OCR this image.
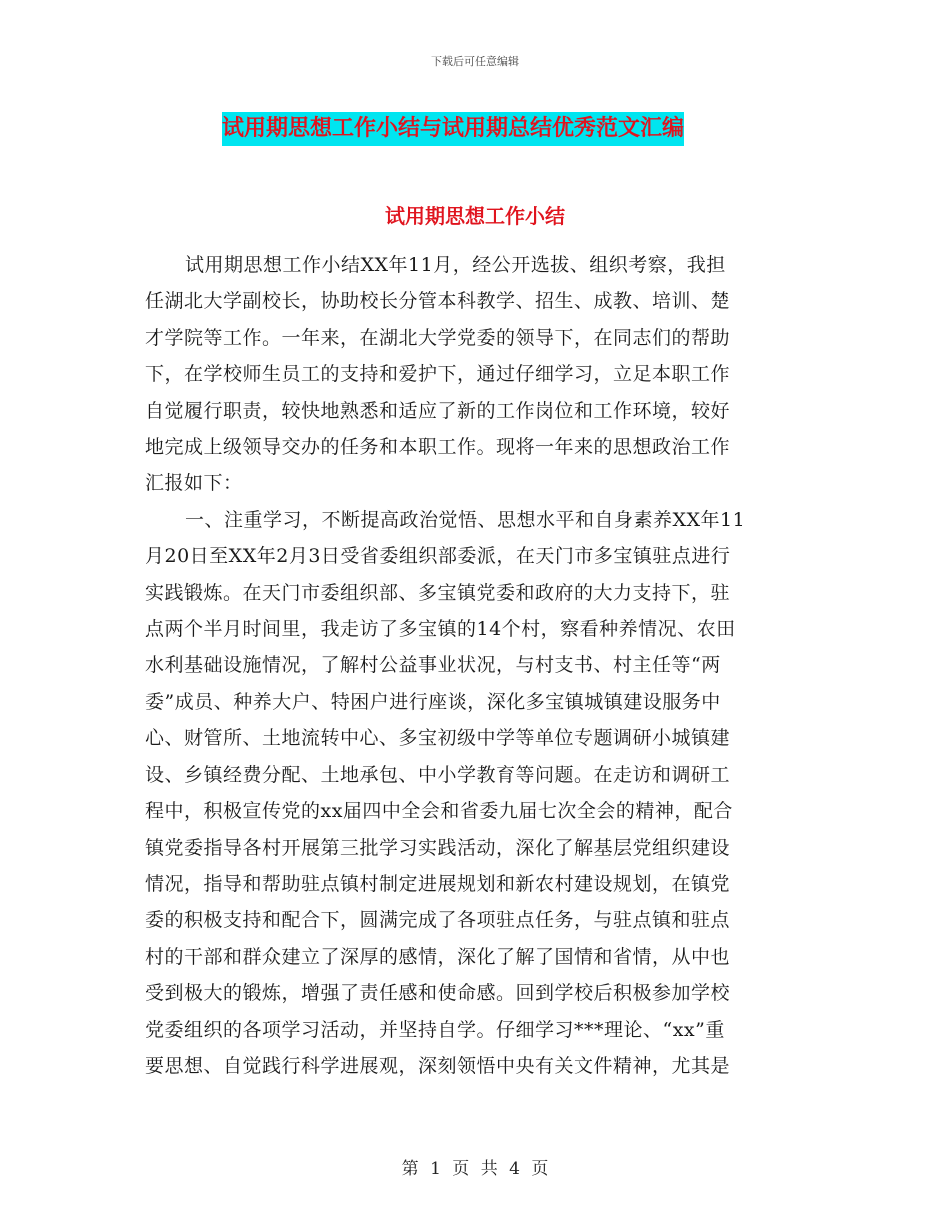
下载后可任意编辑
试用期思想工作小结与试用期总结优秀范文汇编
试用期思想工作小结
试用期思想工作小结XX年11月，经公开选拔、组织考察，我担
任湖北大学副校长，协助校长分管本科教学、招生、成教、培训、楚
才学院等工作。一年来，在湖北大学党委的领导下，在同志们的帮助
下，在学校师生员工的支持和爱护下，通过仔细学习，立足本职工作
自觉履行职责，较快地熟悉和适应了新的工作岗位和工作环境，较好
地完成上级领导交办的任务和本职工作。现将一年来的思想政治工作
汇报如下：
一、注重学习，不断提高政治觉悟、思想水平和自身素养XX年11
月20日至XX年2月3日受省委组织部委派，在天门市多宝镇驻点进行
实践锻炼。在天门市委组织部、多宝镇党委和政府的大力支持下，驻
点两个半月时间里，我走访了多宝镇的14个村，察看种养情况、农田
水利基础设施情况，了解村公益事业状况，与村支书、村主任等“两
委”成员、种养大户、特困户进行座谈，深化多宝镇城镇建设服务中
心、财管所、土地流转中心、多宝初级中学等单位专题调研小城镇建
设、乡镇经费分配、土地承包、中小学教育等问题。在走访和调研工
程中，积极宣传党的xx届四中全会和省委九届七次全会的精神，配合
镇党委指导各村开展第三批学习实践活动，深化了解基层党组织建设
情况，指导和帮助驻点镇村制定进展规划和新农村建设规划，在镇党
委的积极支持和配合下，圆满完成了各项驻点任务，与驻点镇和驻点
村的干部和群众建立了深厚的感情，深化了解了国情和省情，从中也
受到极大的锻炼，增强了责任感和使命感。回到学校后积极参加学校
党委组织的各项学习活动，并坚持自学。仔细学习***理论、“xx”重
要思想、自觉践行科学进展观，深刻领悟中央有关文件精神，尤其是
第 1 页 共 4 页
